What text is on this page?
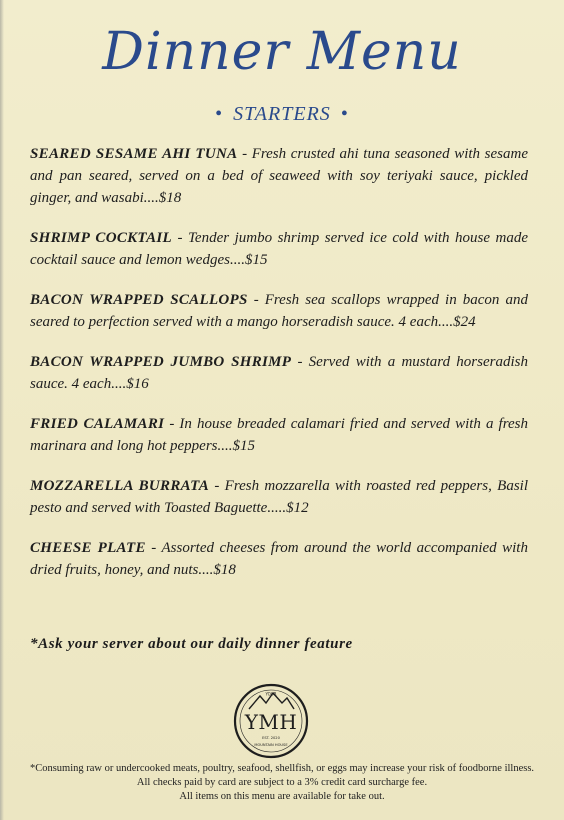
Dinner Menu
• STARTERS •

SEARED SESAME AHI TUNA - Fresh crusted ahi tuna seasoned with sesame and pan seared, served on a bed of seaweed with soy teriyaki sauce, pickled ginger, and wasabi....$18

SHRIMP COCKTAIL - Tender jumbo shrimp served ice cold with house made cocktail sauce and lemon wedges....$15

BACON WRAPPED SCALLOPS - Fresh sea scallops wrapped in bacon and seared to perfection served with a mango horseradish sauce. 4 each....$24

BACON WRAPPED JUMBO SHRIMP - Served with a mustard horseradish sauce. 4 each....$16

FRIED CALAMARI - In house breaded calamari fried and served with a fresh marinara and long hot peppers....$15

MOZZARELLA BURRATA - Fresh mozzarella with roasted red peppers, Basil pesto and served with Toasted Baguette.....$12

CHEESE PLATE - Assorted cheeses from around the world accompanied with dried fruits, honey, and nuts....$18

*Ask your server about our daily dinner feature
YOUR
YMH
EST. 2020
MOUNTAIN HOUSE
*Consuming raw or undercooked meats, poultry, seafood, shellfish, or eggs may increase your risk of foodborne illness.
All checks paid by card are subject to a 3% credit card surcharge fee.
All items on this menu are available for take out.
